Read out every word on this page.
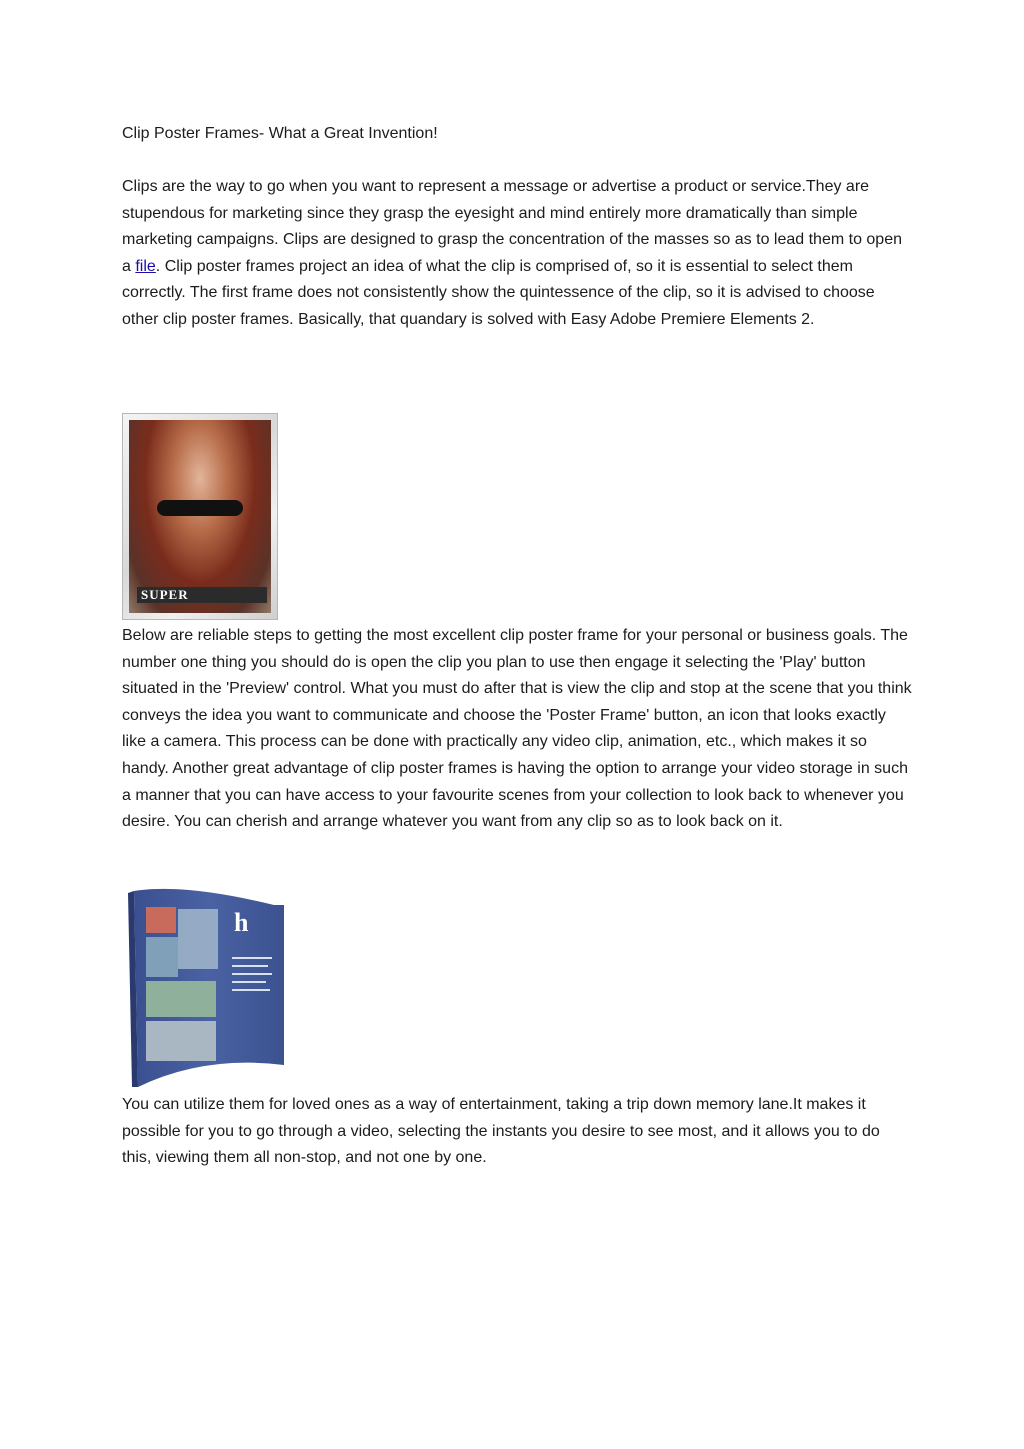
Clip Poster Frames- What a Great Invention!
Clips are the way to go when you want to represent a message or advertise a product or service.They are stupendous for marketing since they grasp the eyesight and mind entirely more dramatically than simple marketing campaigns. Clips are designed to grasp the concentration of the masses so as to lead them to open a file. Clip poster frames project an idea of what the clip is comprised of, so it is essential to select them correctly. The first frame does not consistently show the quintessence of the clip, so it is advised to choose other clip poster frames. Basically, that quandary is solved with Easy Adobe Premiere Elements 2.
SUPER
Below are reliable steps to getting the most excellent clip poster frame for your personal or business goals. The number one thing you should do is open the clip you plan to use then engage it selecting the 'Play' button situated in the 'Preview' control. What you must do after that is view the clip and stop at the scene that you think conveys the idea you want to communicate and choose the 'Poster Frame' button, an icon that looks exactly like a camera. This process can be done with practically any video clip, animation, etc., which makes it so handy. Another great advantage of clip poster frames is having the option to arrange your video storage in such a manner that you can have access to your favourite scenes from your collection to look back to whenever you desire. You can cherish and arrange whatever you want from any clip so as to look back on it.
h
You can utilize them for loved ones as a way of entertainment, taking a trip down memory lane.It makes it possible for you to go through a video, selecting the instants you desire to see most, and it allows you to do this, viewing them all non-stop, and not one by one.
